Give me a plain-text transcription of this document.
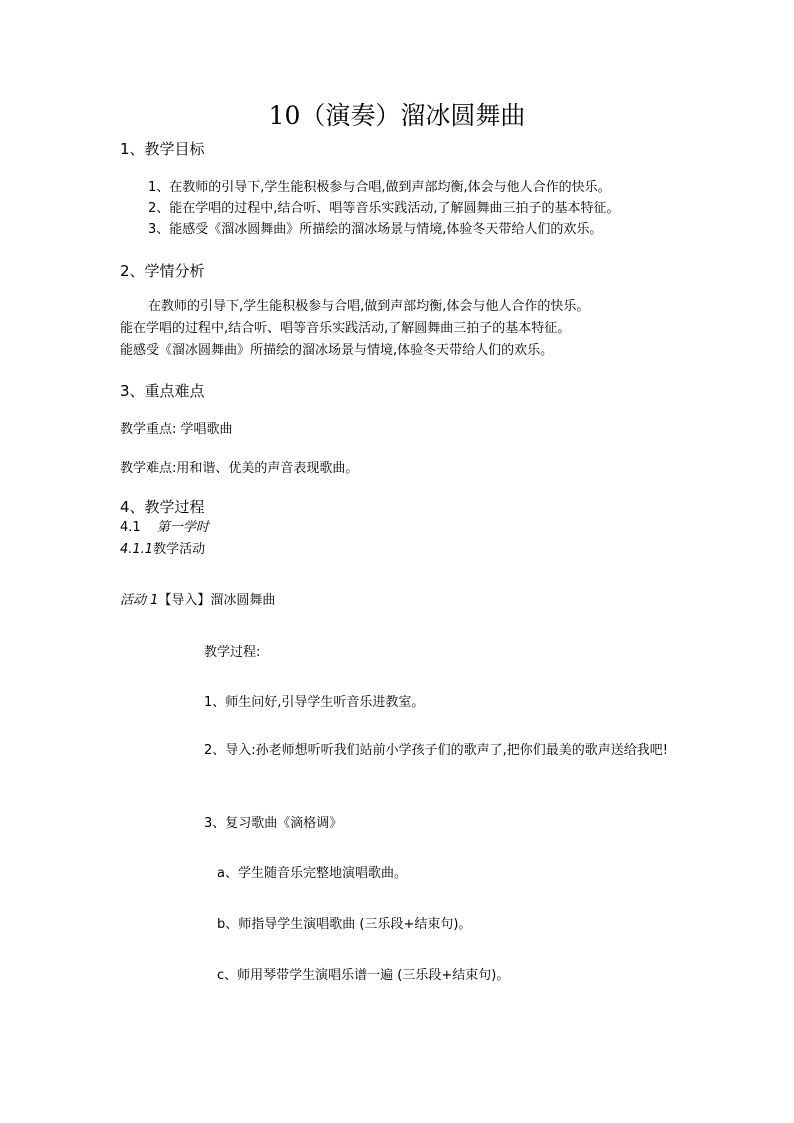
10（演奏）溜冰圆舞曲
1、教学目标
1、在教师的引导下,学生能积极参与合唱,做到声部均衡,体会与他人合作的快乐。
2、能在学唱的过程中,结合听、唱等音乐实践活动,了解圆舞曲三拍子的基本特征。
3、能感受《溜冰圆舞曲》所描绘的溜冰场景与情境,体验冬天带给人们的欢乐。
2、学情分析
在教师的引导下,学生能积极参与合唱,做到声部均衡,体会与他人合作的快乐。
能在学唱的过程中,结合听、唱等音乐实践活动,了解圆舞曲三拍子的基本特征。
能感受《溜冰圆舞曲》所描绘的溜冰场景与情境,体验冬天带给人们的欢乐。
3、重点难点
教学重点: 学唱歌曲
教学难点:用和谐、优美的声音表现歌曲。
4、教学过程
4.1 第一学时
4.1.1教学活动
活动 1【导入】溜冰圆舞曲
教学过程:
1、师生问好,引导学生听音乐进教室。
2、导入:孙老师想听听我们站前小学孩子们的歌声了,把你们最美的歌声送给我吧!
3、复习歌曲《滴格调》
a、学生随音乐完整地演唱歌曲。
b、师指导学生演唱歌曲 (三乐段+结束句)。
c、师用琴带学生演唱乐谱一遍 (三乐段+结束句)。
